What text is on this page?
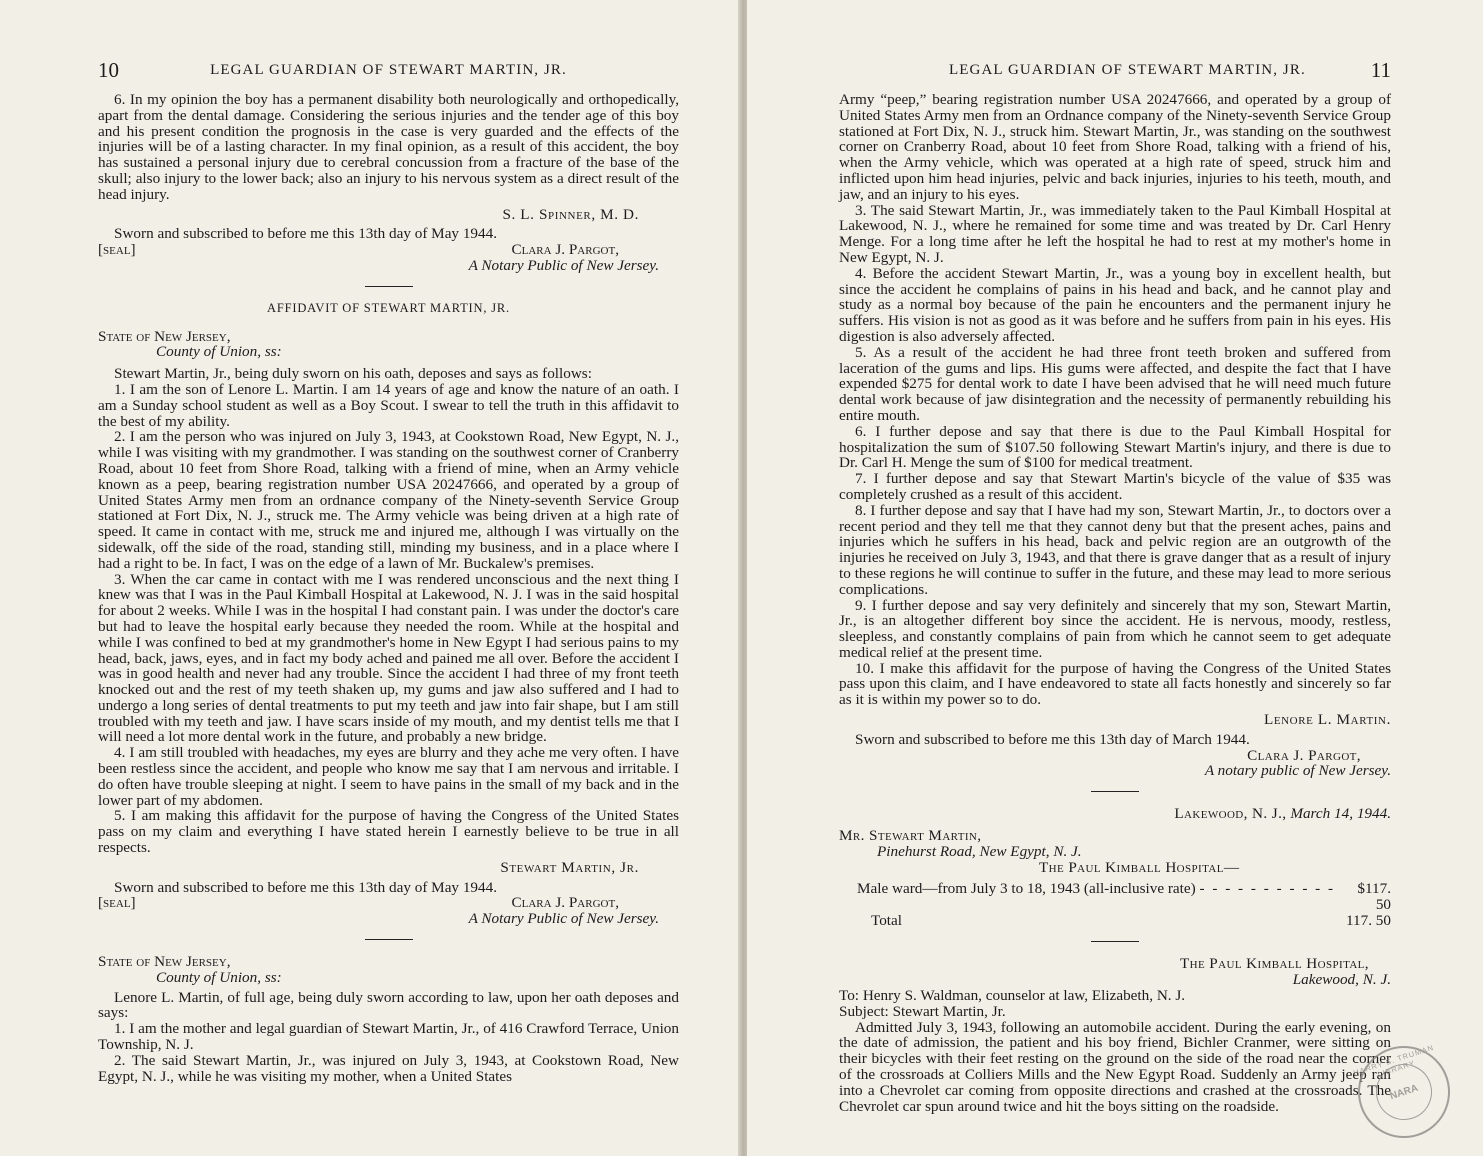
10	LEGAL GUARDIAN OF STEWART MARTIN, JR.

6. In my opinion the boy has a permanent disability both neurologically and orthopedically, apart from the dental damage. Considering the serious injuries and the tender age of this boy and his present condition the prognosis in the case is very guarded and the effects of the injuries will be of a lasting character. In my final opinion, as a result of this accident, the boy has sustained a personal injury due to cerebral concussion from a fracture of the base of the skull; also injury to the lower back; also an injury to his nervous system as a direct result of the head injury.

S. L. Spinner, M. D.

Sworn and subscribed to before me this 13th day of May 1944.

[seal]	Clara J. Pargot,

A Notary Public of New Jersey.

AFFIDAVIT OF STEWART MARTIN, JR.

State of New Jersey,

County of Union, ss:

Stewart Martin, Jr., being duly sworn on his oath, deposes and says as follows:

1. I am the son of Lenore L. Martin. I am 14 years of age and know the nature of an oath. I am a Sunday school student as well as a Boy Scout. I swear to tell the truth in this affidavit to the best of my ability.

2. I am the person who was injured on July 3, 1943, at Cookstown Road, New Egypt, N. J., while I was visiting with my grandmother. I was standing on the southwest corner of Cranberry Road, about 10 feet from Shore Road, talking with a friend of mine, when an Army vehicle known as a peep, bearing registration number USA 20247666, and operated by a group of United States Army men from an ordnance company of the Ninety-seventh Service Group stationed at Fort Dix, N. J., struck me. The Army vehicle was being driven at a high rate of speed. It came in contact with me, struck me and injured me, although I was virtually on the sidewalk, off the side of the road, standing still, minding my business, and in a place where I had a right to be. In fact, I was on the edge of a lawn of Mr. Buckalew's premises.

3. When the car came in contact with me I was rendered unconscious and the next thing I knew was that I was in the Paul Kimball Hospital at Lakewood, N. J. I was in the said hospital for about 2 weeks. While I was in the hospital I had constant pain. I was under the doctor's care but had to leave the hospital early because they needed the room. While at the hospital and while I was confined to bed at my grandmother's home in New Egypt I had serious pains to my head, back, jaws, eyes, and in fact my body ached and pained me all over. Before the accident I was in good health and never had any trouble. Since the accident I had three of my front teeth knocked out and the rest of my teeth shaken up, my gums and jaw also suffered and I had to undergo a long series of dental treatments to put my teeth and jaw into fair shape, but I am still troubled with my teeth and jaw. I have scars inside of my mouth, and my dentist tells me that I will need a lot more dental work in the future, and probably a new bridge.

4. I am still troubled with headaches, my eyes are blurry and they ache me very often. I have been restless since the accident, and people who know me say that I am nervous and irritable. I do often have trouble sleeping at night. I seem to have pains in the small of my back and in the lower part of my abdomen.

5. I am making this affidavit for the purpose of having the Congress of the United States pass on my claim and everything I have stated herein I earnestly believe to be true in all respects.

Stewart Martin, Jr.

Sworn and subscribed to before me this 13th day of May 1944.

[seal]	Clara J. Pargot,

A Notary Public of New Jersey.

State of New Jersey,

County of Union, ss:

Lenore L. Martin, of full age, being duly sworn according to law, upon her oath deposes and says:

1. I am the mother and legal guardian of Stewart Martin, Jr., of 416 Crawford Terrace, Union Township, N. J.

2. The said Stewart Martin, Jr., was injured on July 3, 1943, at Cookstown Road, New Egypt, N. J., while he was visiting my mother, when a United States

LEGAL GUARDIAN OF STEWART MARTIN, JR.	11

Army “peep,” bearing registration number USA 20247666, and operated by a group of United States Army men from an Ordnance company of the Ninety-seventh Service Group stationed at Fort Dix, N. J., struck him. Stewart Martin, Jr., was standing on the southwest corner on Cranberry Road, about 10 feet from Shore Road, talking with a friend of his, when the Army vehicle, which was operated at a high rate of speed, struck him and inflicted upon him head injuries, pelvic and back injuries, injuries to his teeth, mouth, and jaw, and an injury to his eyes.

3. The said Stewart Martin, Jr., was immediately taken to the Paul Kimball Hospital at Lakewood, N. J., where he remained for some time and was treated by Dr. Carl Henry Menge. For a long time after he left the hospital he had to rest at my mother's home in New Egypt, N. J.

4. Before the accident Stewart Martin, Jr., was a young boy in excellent health, but since the accident he complains of pains in his head and back, and he cannot play and study as a normal boy because of the pain he encounters and the permanent injury he suffers. His vision is not as good as it was before and he suffers from pain in his eyes. His digestion is also adversely affected.

5. As a result of the accident he had three front teeth broken and suffered from laceration of the gums and lips. His gums were affected, and despite the fact that I have expended $275 for dental work to date I have been advised that he will need much future dental work because of jaw disintegration and the necessity of permanently rebuilding his entire mouth.

6. I further depose and say that there is due to the Paul Kimball Hospital for hospitalization the sum of $107.50 following Stewart Martin's injury, and there is due to Dr. Carl H. Menge the sum of $100 for medical treatment.

7. I further depose and say that Stewart Martin's bicycle of the value of $35 was completely crushed as a result of this accident.

8. I further depose and say that I have had my son, Stewart Martin, Jr., to doctors over a recent period and they tell me that they cannot deny but that the present aches, pains and injuries which he suffers in his head, back and pelvic region are an outgrowth of the injuries he received on July 3, 1943, and that there is grave danger that as a result of injury to these regions he will continue to suffer in the future, and these may lead to more serious complications.

9. I further depose and say very definitely and sincerely that my son, Stewart Martin, Jr., is an altogether different boy since the accident. He is nervous, moody, restless, sleepless, and constantly complains of pain from which he cannot seem to get adequate medical relief at the present time.

10. I make this affidavit for the purpose of having the Congress of the United States pass upon this claim, and I have endeavored to state all facts honestly and sincerely so far as it is within my power so to do.

Lenore L. Martin.

Sworn and subscribed to before me this 13th day of March 1944.

Clara J. Pargot,

A notary public of New Jersey.

Lakewood, N. J., March 14, 1944.

Mr. Stewart Martin,

Pinehurst Road, New Egypt, N. J.

The Paul Kimball Hospital—

Male ward—from July 3 to 18, 1943 (all-inclusive rate) - - - - - - - - - - -	$117. 50
Total	117. 50

The Paul Kimball Hospital,

Lakewood, N. J.

To: Henry S. Waldman, counselor at law, Elizabeth, N. J.

Subject: Stewart Martin, Jr.

Admitted July 3, 1943, following an automobile accident. During the early evening, on the date of admission, the patient and his boy friend, Bichler Cranmer, were sitting on their bicycles with their feet resting on the ground on the side of the road near the corner of the crossroads at Colliers Mills and the New Egypt Road. Suddenly an Army jeep ran into a Chevrolet car coming from opposite directions and crashed at the crossroads. The Chevrolet car spun around twice and hit the boys sitting on the roadside.

HARRY S. TRUMAN LIBRARY
NARA
